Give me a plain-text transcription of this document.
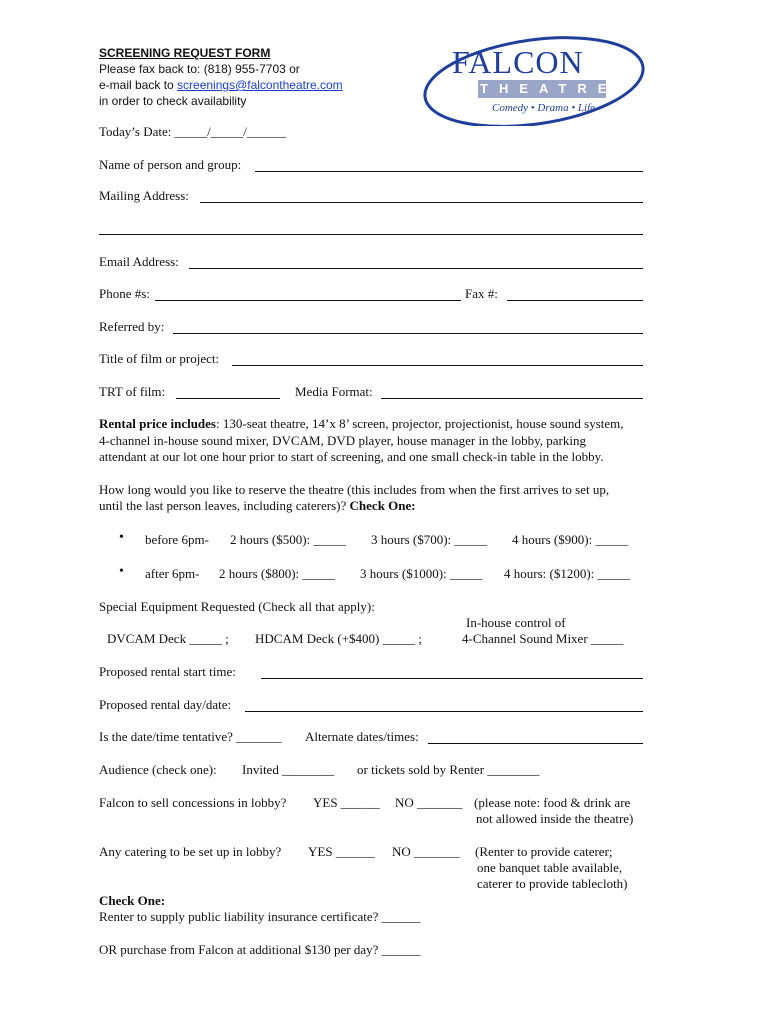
SCREENING REQUEST FORM
Please fax back to: (818) 955-7703 or
e-mail back to screenings@falcontheatre.com
in order to check availability
FALCON
THEATRE
Comedy • Drama • Life
Today’s Date: _____/_____/______
Name of person and group:
Mailing Address:
Email Address:
Phone #s:	Fax #:
Referred by:
Title of film or project:
TRT of film:	Media Format:
Rental price includes: 130-seat theatre, 14’x 8’ screen, projector, projectionist, house sound system,
4-channel in-house sound mixer, DVCAM, DVD player, house manager in the lobby, parking
attendant at our lot one hour prior to start of screening, and one small check-in table in the lobby.
How long would you like to reserve the theatre (this includes from when the first arrives to set up,
until the last person leaves, including caterers)? Check One:
• before 6pm- 2 hours ($500): _____ 3 hours ($700): _____ 4 hours ($900): _____
• after 6pm- 2 hours ($800): _____ 3 hours ($1000): _____ 4 hours: ($1200): _____
Special Equipment Requested (Check all that apply):
In-house control of
DVCAM Deck _____ ; HDCAM Deck (+$400) _____ ;	4-Channel Sound Mixer _____
Proposed rental start time:
Proposed rental day/date:
Is the date/time tentative? _______ Alternate dates/times:
Audience (check one): Invited ________ or tickets sold by Renter ________
Falcon to sell concessions in lobby? YES ______ NO _______ (please note: food & drink are
not allowed inside the theatre)
Any catering to be set up in lobby? YES ______ NO _______ (Renter to provide caterer;
one banquet table available,
caterer to provide tablecloth)
Check One:
Renter to supply public liability insurance certificate? ______
OR purchase from Falcon at additional $130 per day? ______
